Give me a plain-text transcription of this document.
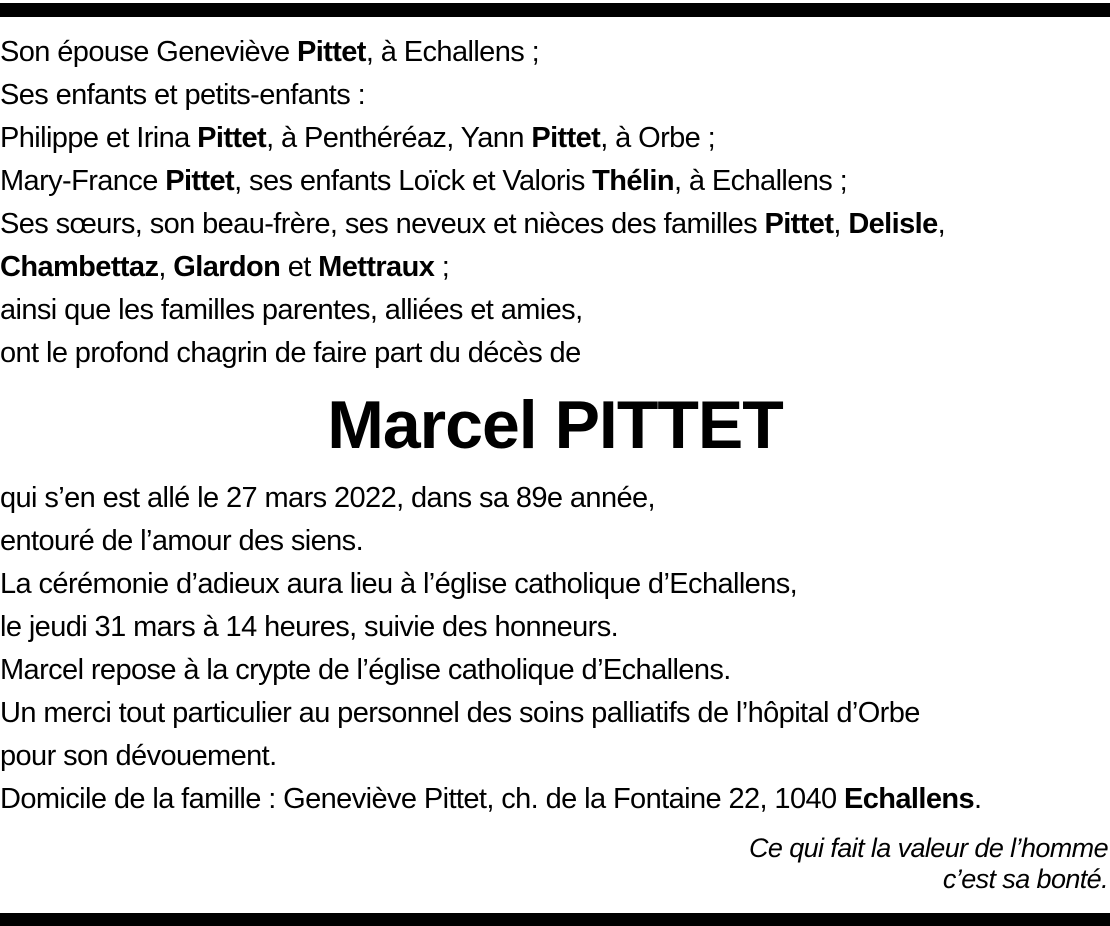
Son épouse Geneviève Pittet, à Echallens ;
Ses enfants et petits-enfants :
Philippe et Irina Pittet, à Penthéréaz, Yann Pittet, à Orbe ;
Mary-France Pittet, ses enfants Loïck et Valoris Thélin, à Echallens ;
Ses sœurs, son beau-frère, ses neveux et nièces des familles Pittet, Delisle,
Chambettaz, Glardon et Mettraux ;
ainsi que les familles parentes, alliées et amies,
ont le profond chagrin de faire part du décès de
Marcel PITTET
qui s’en est allé le 27 mars 2022, dans sa 89e année,
entouré de l’amour des siens.
La cérémonie d’adieux aura lieu à l’église catholique d’Echallens,
le jeudi 31 mars à 14 heures, suivie des honneurs.
Marcel repose à la crypte de l’église catholique d’Echallens.
Un merci tout particulier au personnel des soins palliatifs de l’hôpital d’Orbe
pour son dévouement.
Domicile de la famille : Geneviève Pittet, ch. de la Fontaine 22, 1040 Echallens.
Ce qui fait la valeur de l’homme
c’est sa bonté.
